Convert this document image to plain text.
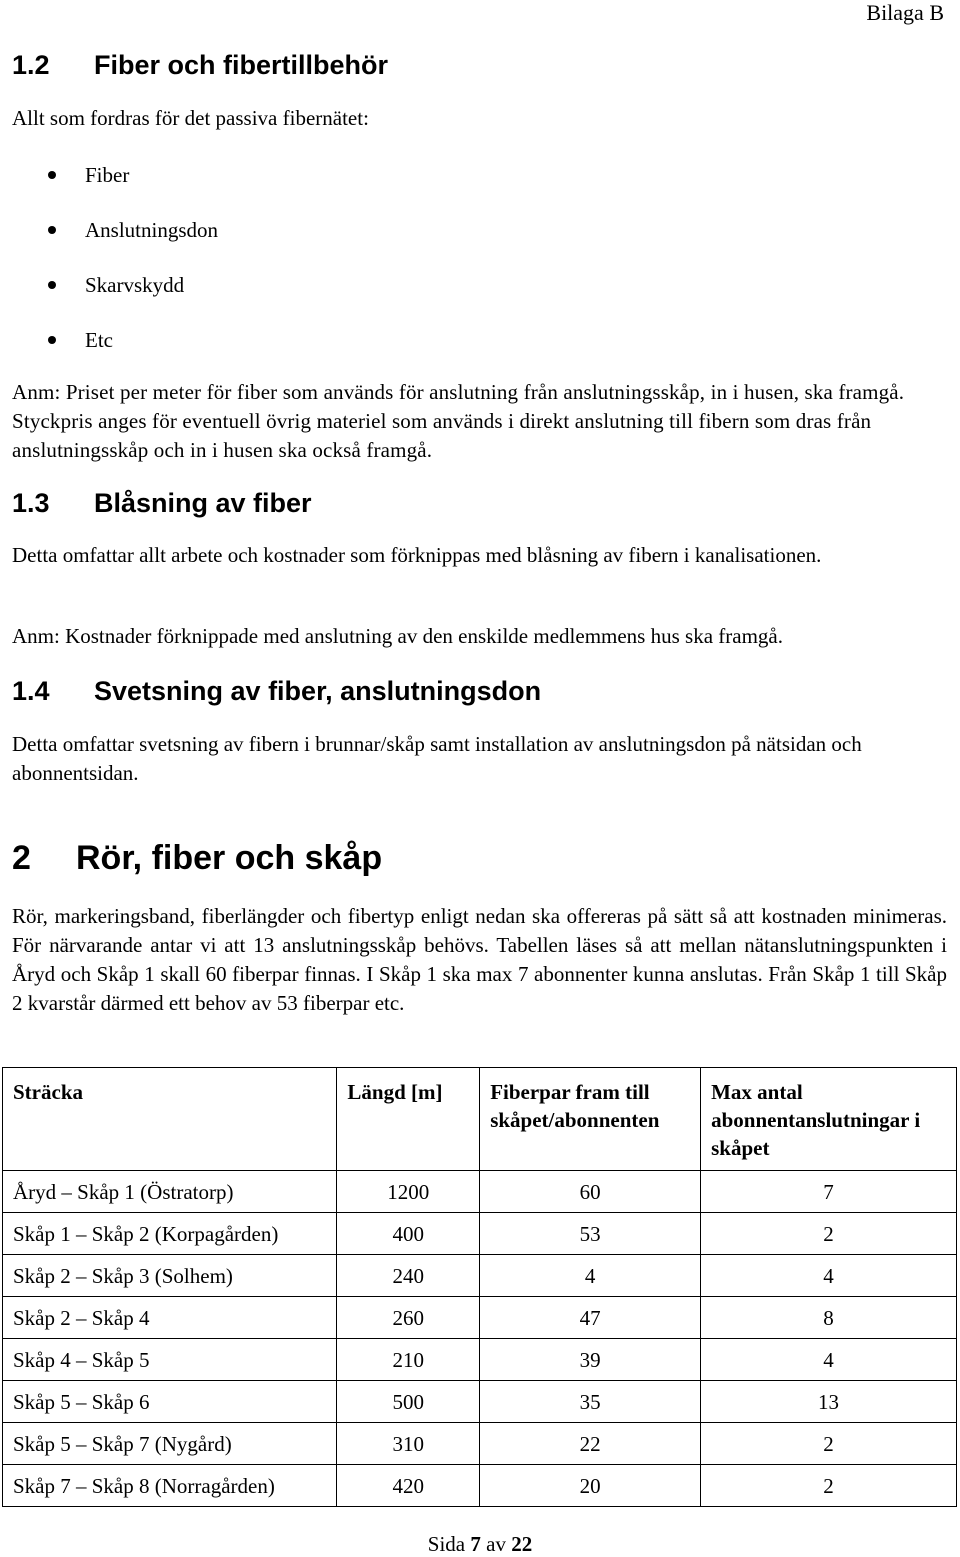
Bilaga B
1.2 Fiber och fibertillbehör
Allt som fordras för det passiva fibernätet:
Fiber
Anslutningsdon
Skarvskydd
Etc
Anm: Priset per meter för fiber som används för anslutning från anslutningsskåp, in i husen, ska framgå. Styckpris anges för eventuell övrig materiel som används i direkt anslutning till fibern som dras från anslutningsskåp och in i husen ska också framgå.
1.3 Blåsning av fiber
Detta omfattar allt arbete och kostnader som förknippas med blåsning av fibern i kanalisationen.
Anm: Kostnader förknippade med anslutning av den enskilde medlemmens hus ska framgå.
1.4 Svetsning av fiber, anslutningsdon
Detta omfattar svetsning av fibern i brunnar/skåp samt installation av anslutningsdon på nätsidan och abonnentsidan.
2 Rör, fiber och skåp
Rör, markeringsband, fiberlängder och fibertyp enligt nedan ska offereras på sätt så att kostnaden minimeras. För närvarande antar vi att 13 anslutningsskåp behövs. Tabellen läses så att mellan nätanslutningspunkten i Åryd och Skåp 1 skall 60 fiberpar finnas. I Skåp 1 ska max 7 abonnenter kunna anslutas. Från Skåp 1 till Skåp 2 kvarstår därmed ett behov av 53 fiberpar etc.
Sträcka	Längd [m]	Fiberpar fram till skåpet/abonnenten	Max antal abonnentanslutningar i skåpet
Åryd – Skåp 1 (Östratorp)	1200	60	7
Skåp 1 – Skåp 2 (Korpagården)	400	53	2
Skåp 2 – Skåp 3 (Solhem)	240	4	4
Skåp 2 – Skåp 4	260	47	8
Skåp 4 – Skåp 5	210	39	4
Skåp 5 – Skåp 6	500	35	13
Skåp 5 – Skåp 7 (Nygård)	310	22	2
Skåp 7 – Skåp 8 (Norragården)	420	20	2
Sida 7 av 22
